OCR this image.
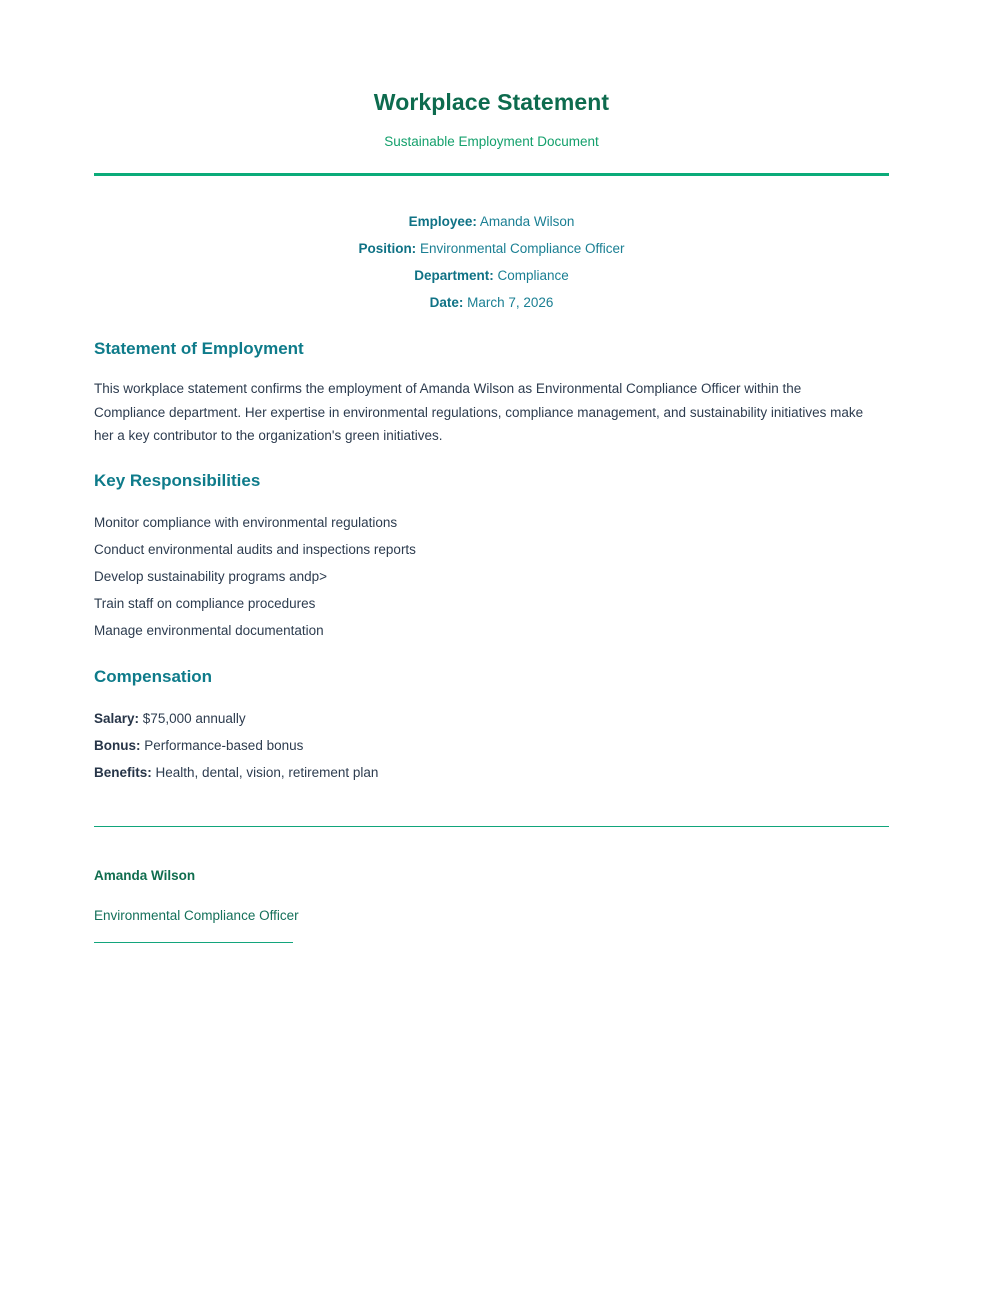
Workplace Statement

Sustainable Employment Document

Employee: Amanda Wilson
Position: Environmental Compliance Officer
Department: Compliance
Date: March 7, 2026
Statement of Employment

This workplace statement confirms the employment of Amanda Wilson as Environmental Compliance Officer within the Compliance department. Her expertise in environmental regulations, compliance management, and sustainability initiatives make her a key contributor to the organization's green initiatives.

Key Responsibilities
Monitor compliance with environmental regulations
Conduct environmental audits and inspections reports
Develop sustainability programs andp>
Train staff on compliance procedures
Manage environmental documentation
Compensation
Salary: $75,000 annually
Bonus: Performance-based bonus
Benefits: Health, dental, vision, retirement plan

Amanda Wilson

Environmental Compliance Officer
